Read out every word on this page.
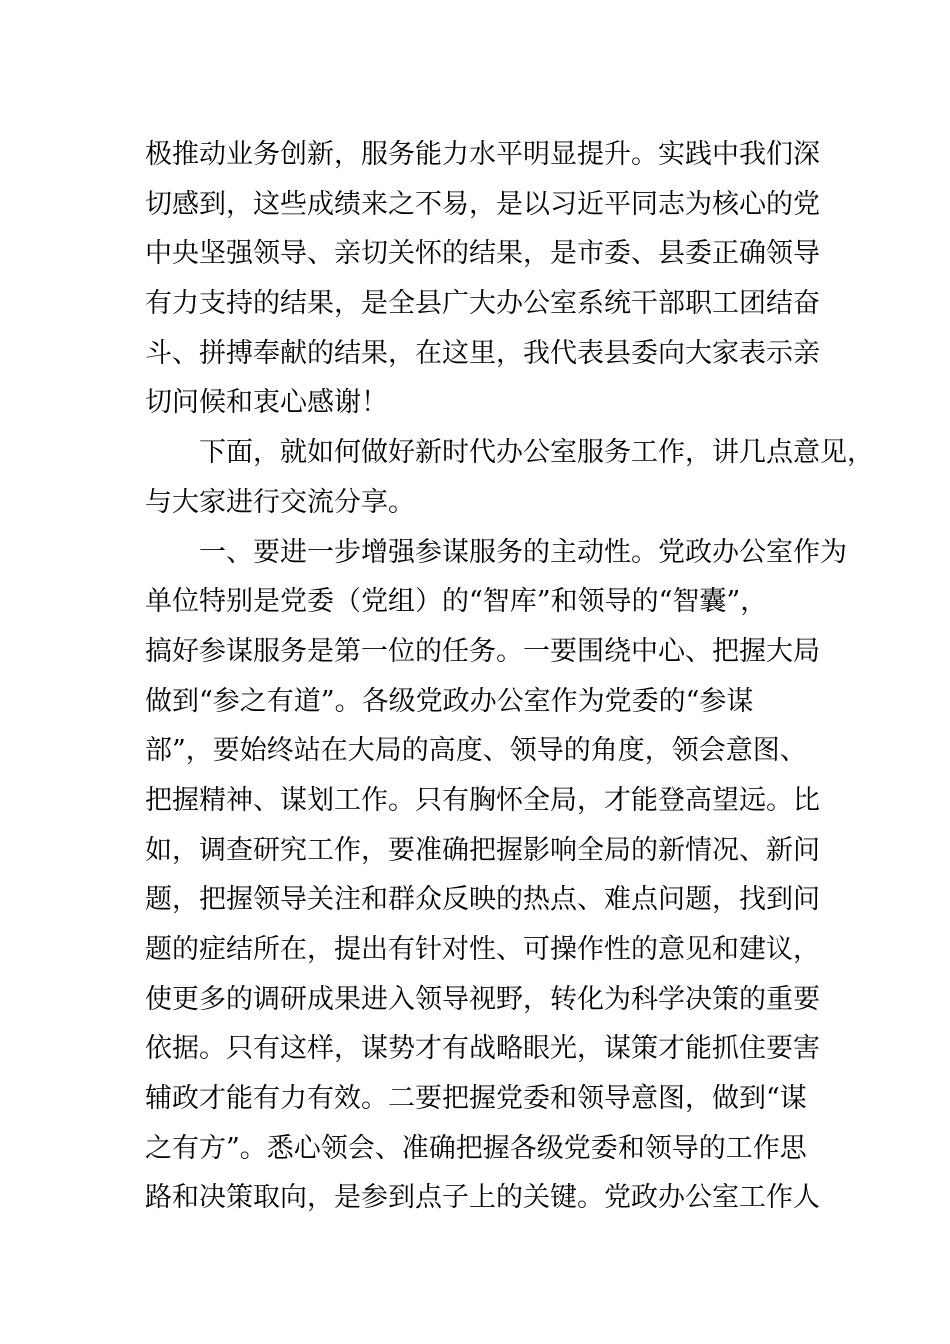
极推动业务创新，服务能力水平明显提升。实践中我们深
切感到，这些成绩来之不易，是以习近平同志为核心的党
中央坚强领导、亲切关怀的结果，是市委、县委正确领导
有力支持的结果，是全县广大办公室系统干部职工团结奋
斗、拼搏奉献的结果，在这里，我代表县委向大家表示亲
切问候和衷心感谢！

　　下面，就如何做好新时代办公室服务工作，讲几点意见，
与大家进行交流分享。

　　一、要进一步增强参谋服务的主动性。党政办公室作为
单位特别是党委（党组）的“智库”和领导的“智囊”，
搞好参谋服务是第一位的任务。一要围绕中心、把握大局
做到“参之有道”。各级党政办公室作为党委的“参谋
部”，要始终站在大局的高度、领导的角度，领会意图、
把握精神、谋划工作。只有胸怀全局，才能登高望远。比
如，调查研究工作，要准确把握影响全局的新情况、新问
题，把握领导关注和群众反映的热点、难点问题，找到问
题的症结所在，提出有针对性、可操作性的意见和建议，
使更多的调研成果进入领导视野，转化为科学决策的重要
依据。只有这样，谋势才有战略眼光，谋策才能抓住要害
辅政才能有力有效。二要把握党委和领导意图，做到“谋
之有方”。悉心领会、准确把握各级党委和领导的工作思
路和决策取向，是参到点子上的关键。党政办公室工作人
